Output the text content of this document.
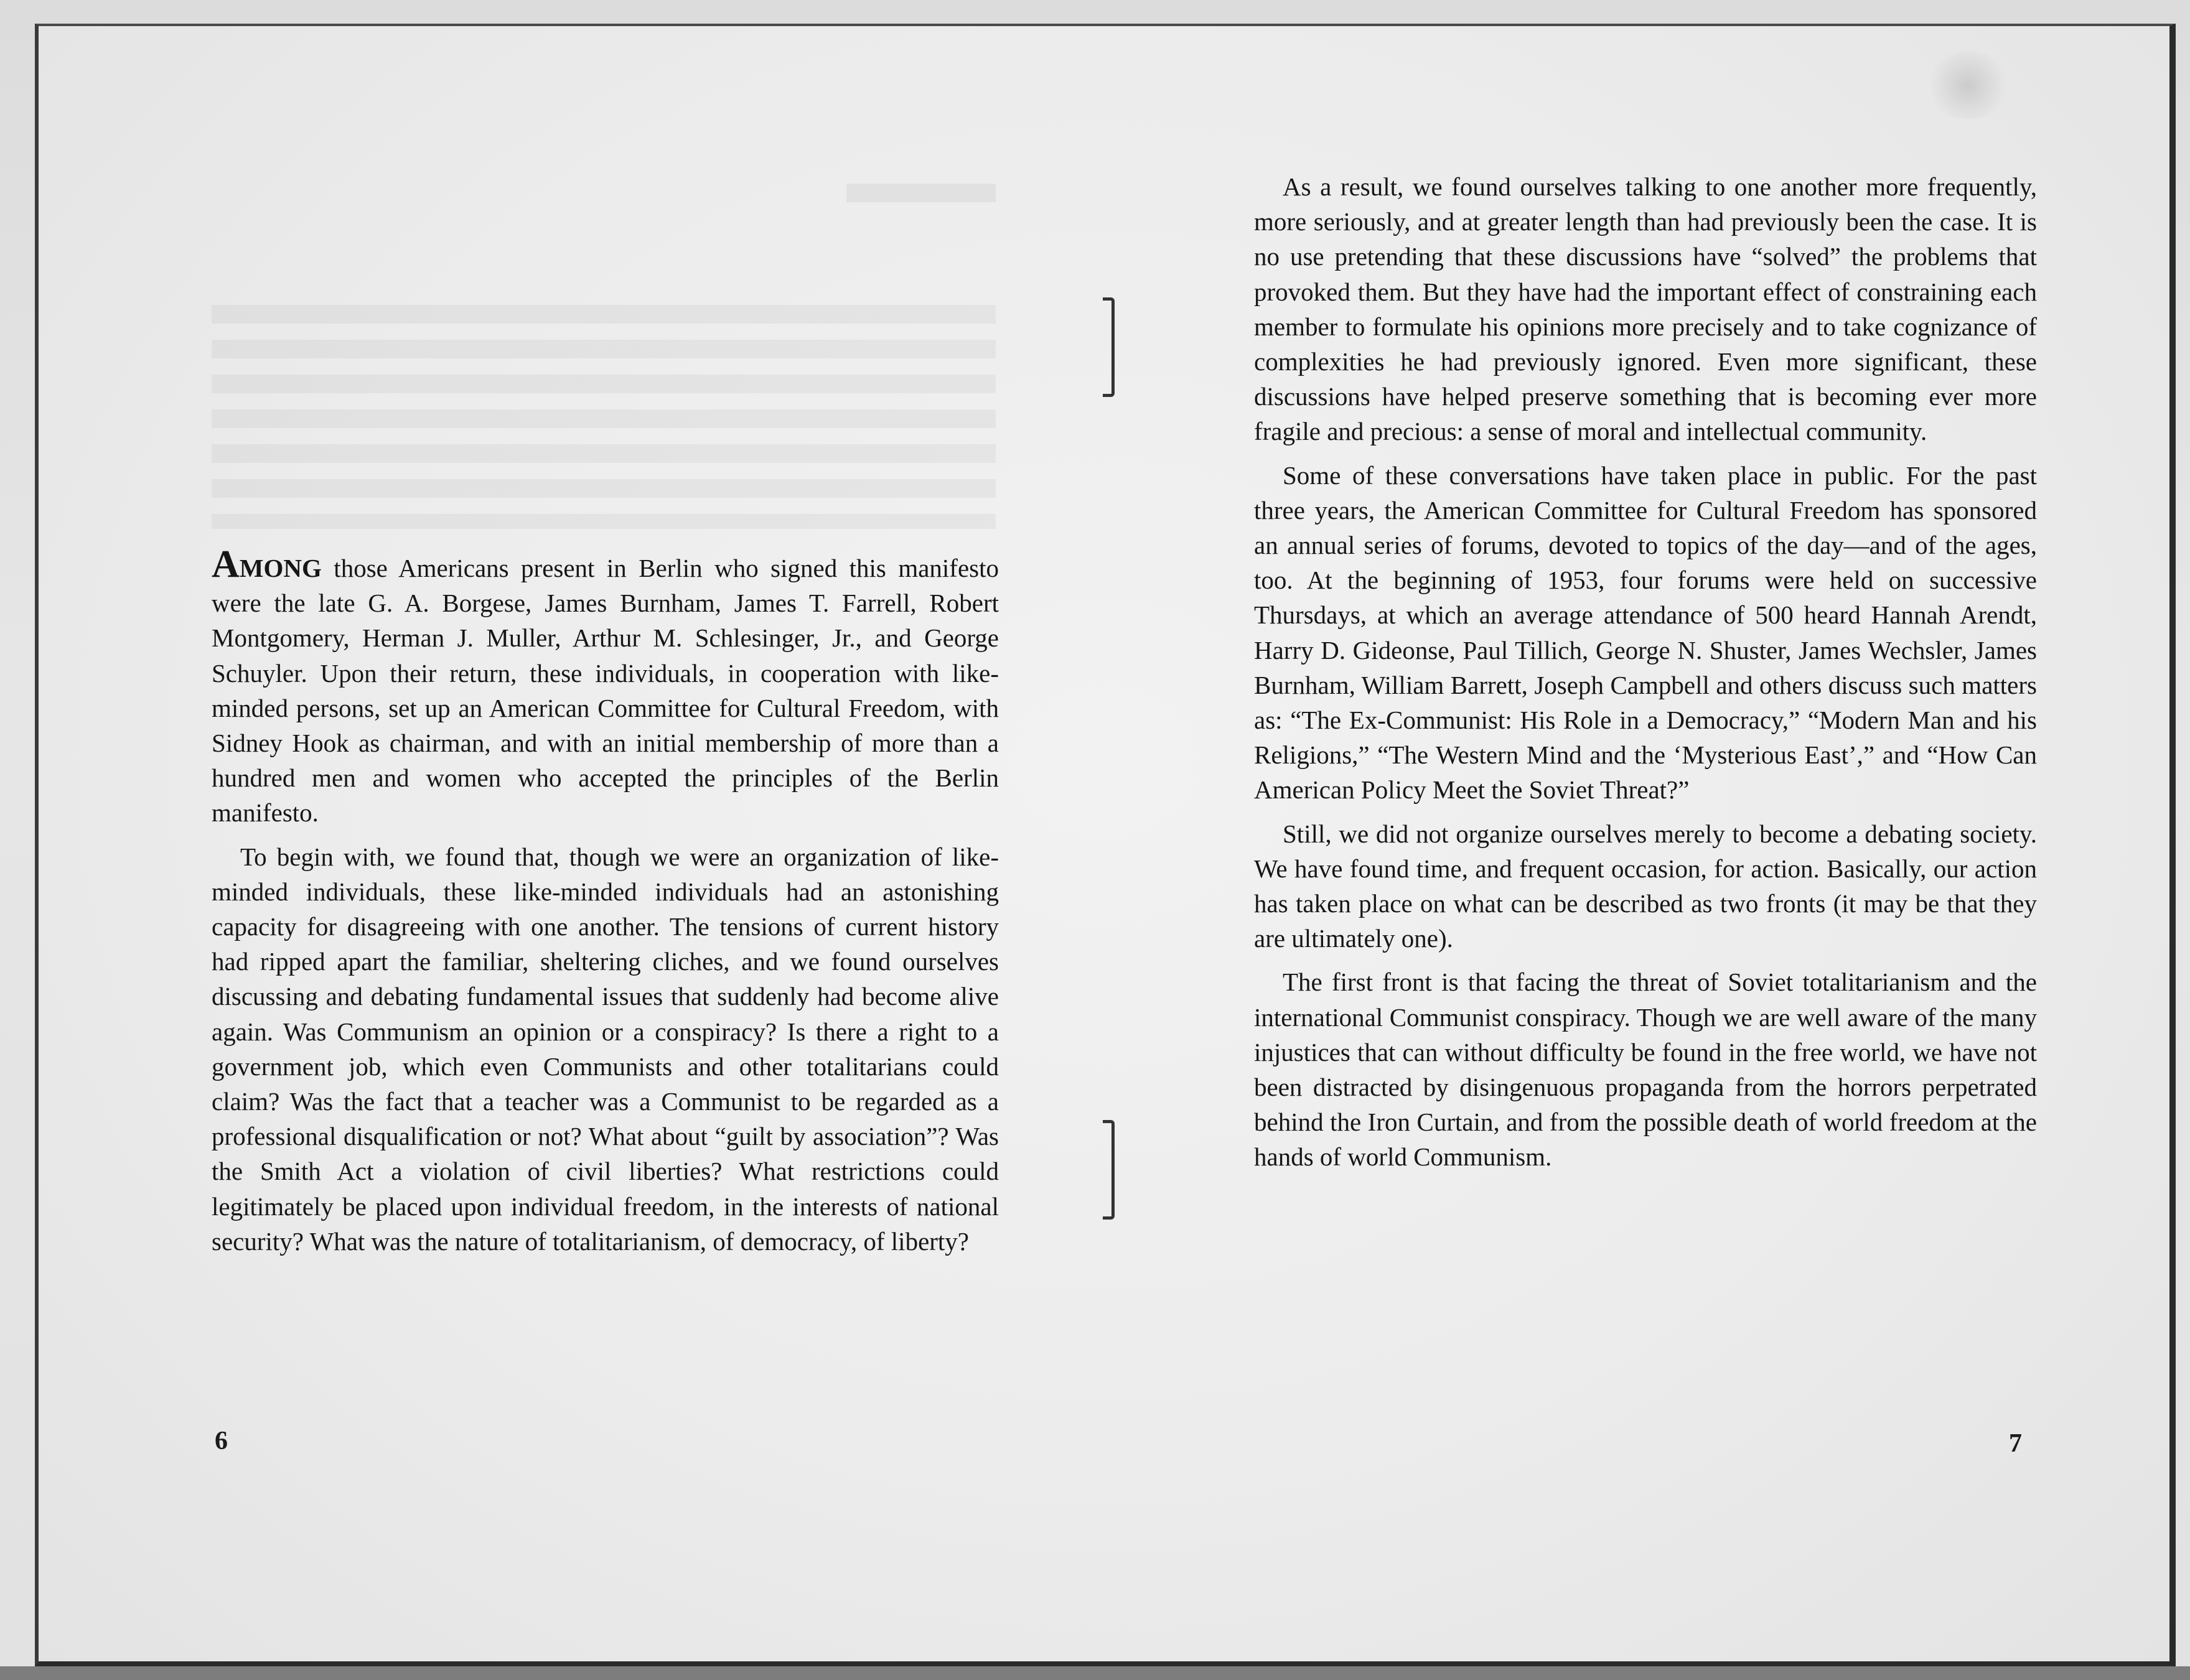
AMONG those Americans present in Berlin who signed this manifesto were the late G. A. Borgese, James Burnham, James T. Farrell, Robert Montgomery, Herman J. Muller, Arthur M. Schlesinger, Jr., and George Schuyler. Upon their return, these individuals, in cooperation with like-minded persons, set up an American Committee for Cultural Freedom, with Sidney Hook as chairman, and with an initial membership of more than a hundred men and women who accepted the principles of the Berlin manifesto.

To begin with, we found that, though we were an organization of like-minded individuals, these like-minded individuals had an astonishing capacity for disagreeing with one another. The tensions of current history had ripped apart the familiar, sheltering cliches, and we found ourselves discussing and debating fundamental issues that suddenly had become alive again. Was Communism an opinion or a conspiracy? Is there a right to a government job, which even Communists and other totalitarians could claim? Was the fact that a teacher was a Communist to be regarded as a professional disqualification or not? What about “guilt by association”? Was the Smith Act a violation of civil liberties? What restrictions could legitimately be placed upon individual freedom, in the interests of national security? What was the nature of totalitarianism, of democracy, of liberty?

6

As a result, we found ourselves talking to one another more frequently, more seriously, and at greater length than had previously been the case. It is no use pretending that these discussions have “solved” the problems that provoked them. But they have had the important effect of constraining each member to formulate his opinions more precisely and to take cognizance of complexities he had previously ignored. Even more significant, these discussions have helped preserve something that is becoming ever more fragile and precious: a sense of moral and intellectual community.

Some of these conversations have taken place in public. For the past three years, the American Committee for Cultural Freedom has sponsored an annual series of forums, devoted to topics of the day—and of the ages, too. At the beginning of 1953, four forums were held on successive Thursdays, at which an average attendance of 500 heard Hannah Arendt, Harry D. Gideonse, Paul Tillich, George N. Shuster, James Wechsler, James Burnham, William Barrett, Joseph Campbell and others discuss such matters as: “The Ex-Communist: His Role in a Democracy,” “Modern Man and his Religions,” “The Western Mind and the ‘Mysterious East’,” and “How Can American Policy Meet the Soviet Threat?”

Still, we did not organize ourselves merely to become a debating society. We have found time, and frequent occasion, for action. Basically, our action has taken place on what can be described as two fronts (it may be that they are ultimately one).

The first front is that facing the threat of Soviet totalitarianism and the international Communist conspiracy. Though we are well aware of the many injustices that can without difficulty be found in the free world, we have not been distracted by disingenuous propaganda from the horrors perpetrated behind the Iron Curtain, and from the possible death of world freedom at the hands of world Communism.

7
